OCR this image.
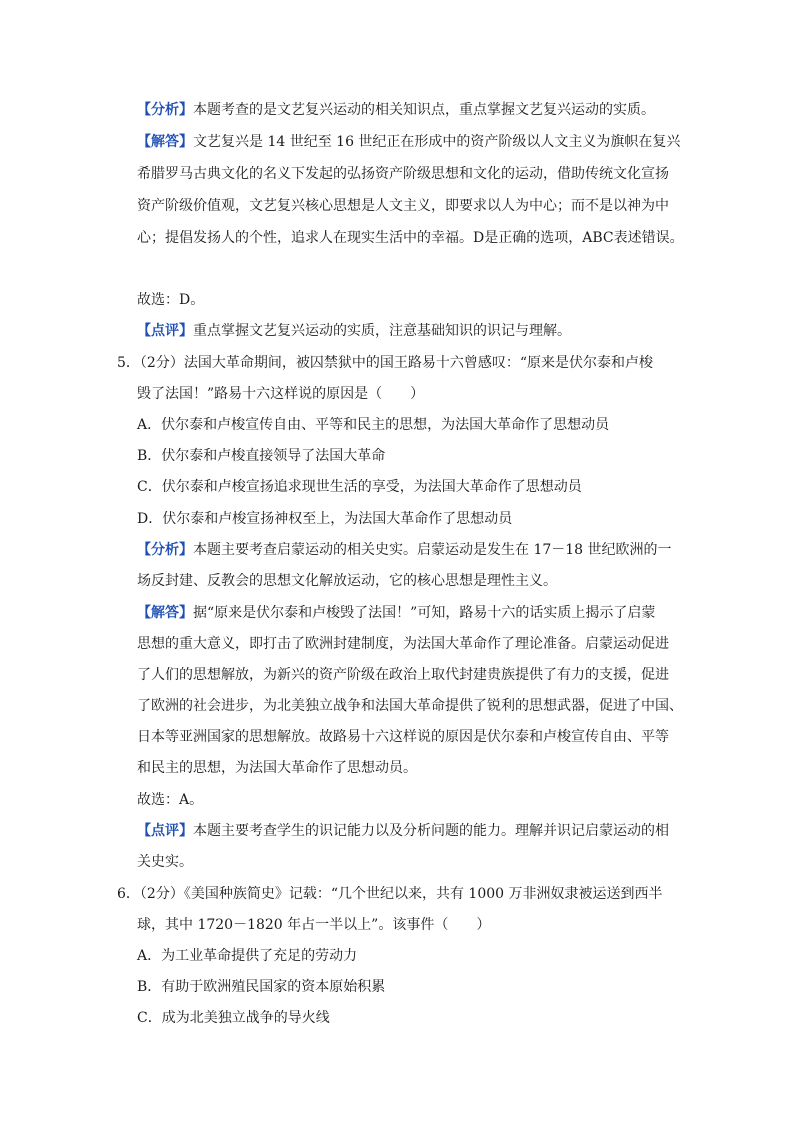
【分析】本题考查的是文艺复兴运动的相关知识点，重点掌握文艺复兴运动的实质。
【解答】文艺复兴是 14 世纪至 16 世纪正在形成中的资产阶级以人文主义为旗帜在复兴
希腊罗马古典文化的名义下发起的弘扬资产阶级思想和文化的运动，借助传统文化宣扬
资产阶级价值观，文艺复兴核心思想是人文主义，即要求以人为中心；而不是以神为中
心；提倡发扬人的个性，追求人在现实生活中的幸福。D是正确的选项，ABC表述错误。
故选：D。
【点评】重点掌握文艺复兴运动的实质，注意基础知识的识记与理解。
5．（2分）法国大革命期间，被囚禁狱中的国王路易十六曾感叹：“原来是伏尔泰和卢梭
毁了法国！”路易十六这样说的原因是（　　）
A．伏尔泰和卢梭宣传自由、平等和民主的思想，为法国大革命作了思想动员
B．伏尔泰和卢梭直接领导了法国大革命
C．伏尔泰和卢梭宣扬追求现世生活的享受，为法国大革命作了思想动员
D．伏尔泰和卢梭宣扬神权至上，为法国大革命作了思想动员
【分析】本题主要考查启蒙运动的相关史实。启蒙运动是发生在 17－18 世纪欧洲的一
场反封建、反教会的思想文化解放运动，它的核心思想是理性主义。
【解答】据“原来是伏尔泰和卢梭毁了法国！”可知，路易十六的话实质上揭示了启蒙
思想的重大意义，即打击了欧洲封建制度，为法国大革命作了理论准备。启蒙运动促进
了人们的思想解放，为新兴的资产阶级在政治上取代封建贵族提供了有力的支援，促进
了欧洲的社会进步，为北美独立战争和法国大革命提供了锐利的思想武器，促进了中国、
日本等亚洲国家的思想解放。故路易十六这样说的原因是伏尔泰和卢梭宣传自由、平等
和民主的思想，为法国大革命作了思想动员。
故选：A。
【点评】本题主要考查学生的识记能力以及分析问题的能力。理解并识记启蒙运动的相
关史实。
6．（2分）《美国种族简史》记载：“几个世纪以来，共有 1000 万非洲奴隶被运送到西半
球，其中 1720－1820 年占一半以上”。该事件（　　）
A．为工业革命提供了充足的劳动力
B．有助于欧洲殖民国家的资本原始积累
C．成为北美独立战争的导火线
